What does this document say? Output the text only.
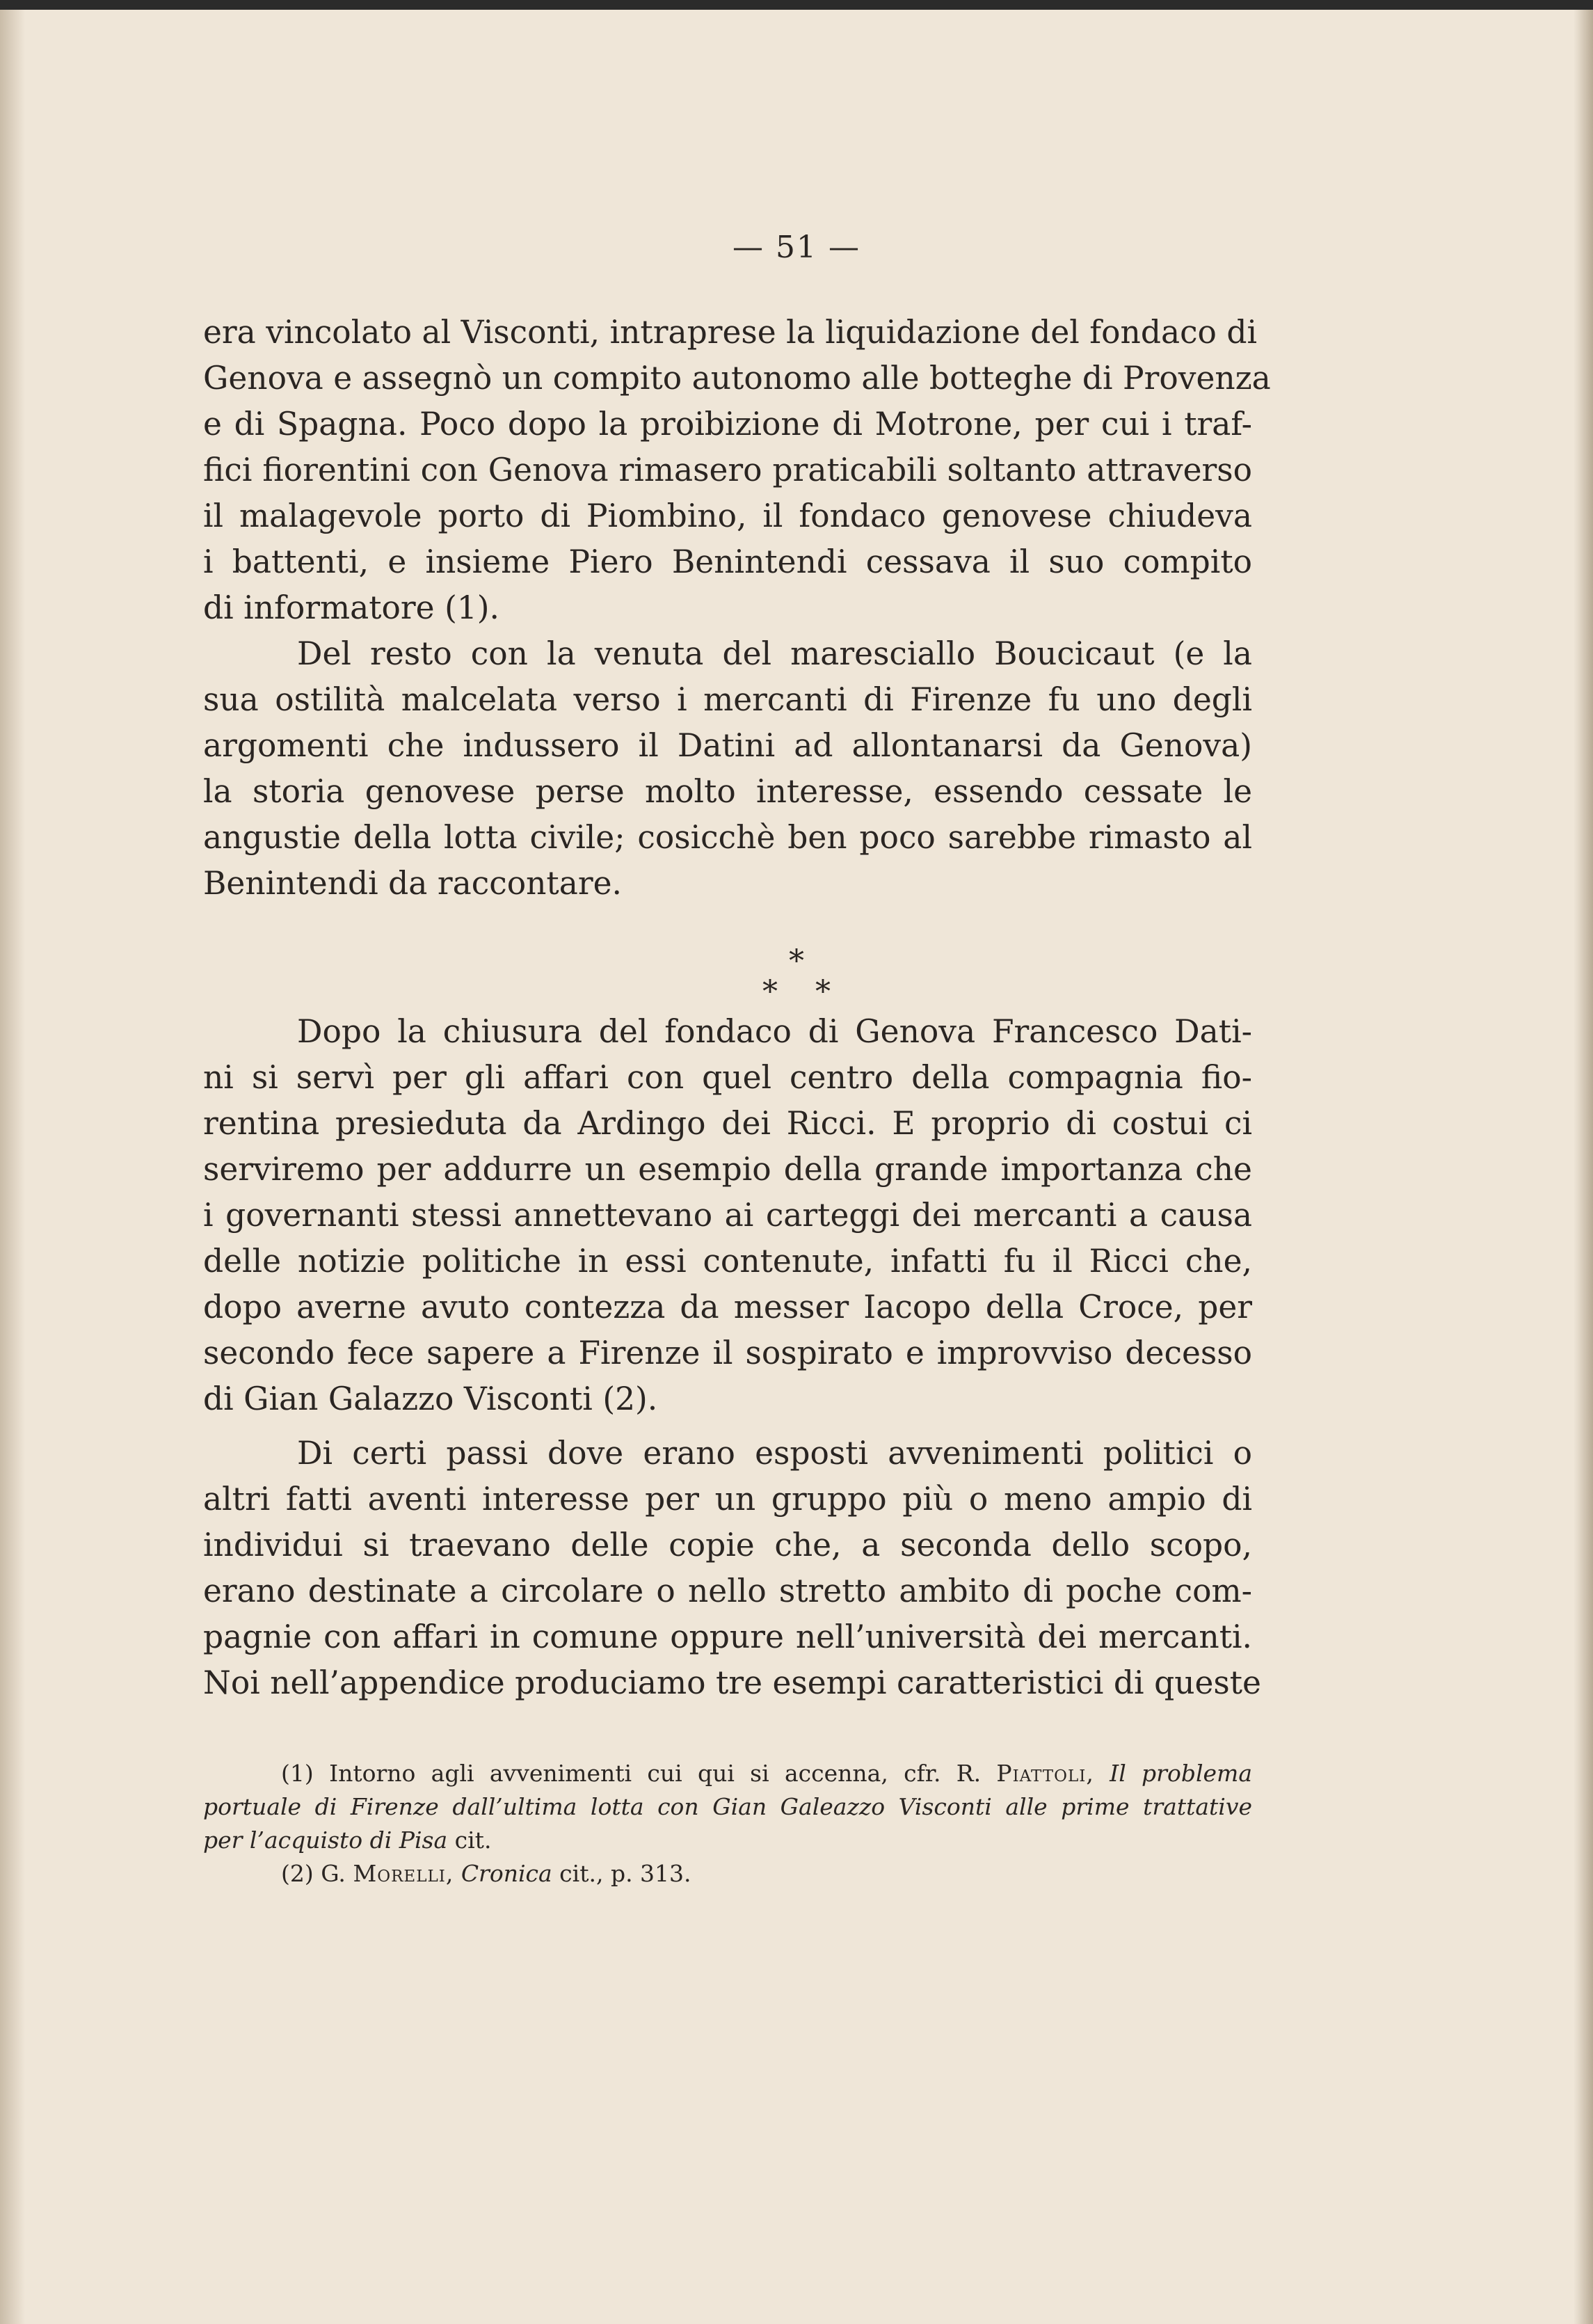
— 51 —
era vincolato al Visconti, intraprese la liquidazione del fondaco di
Genova e assegnò un compito autonomo alle botteghe di Provenza
e di Spagna. Poco dopo la proibizione di Motrone, per cui i traf-
fici fiorentini con Genova rimasero praticabili soltanto attraverso
il malagevole porto di Piombino, il fondaco genovese chiudeva
i battenti, e insieme Piero Benintendi cessava il suo compito
di informatore (1).
Del resto con la venuta del maresciallo Boucicaut (e la
sua ostilità malcelata verso i mercanti di Firenze fu uno degli
argomenti che indussero il Datini ad allontanarsi da Genova)
la storia genovese perse molto interesse, essendo cessate le
angustie della lotta civile; cosicchè ben poco sarebbe rimasto al
Benintendi da raccontare.
*
* *
Dopo la chiusura del fondaco di Genova Francesco Dati-
ni si servì per gli affari con quel centro della compagnia fio-
rentina presieduta da Ardingo dei Ricci. E proprio di costui ci
serviremo per addurre un esempio della grande importanza che
i governanti stessi annettevano ai carteggi dei mercanti a causa
delle notizie politiche in essi contenute, infatti fu il Ricci che,
dopo averne avuto contezza da messer Iacopo della Croce, per
secondo fece sapere a Firenze il sospirato e improvviso decesso
di Gian Galazzo Visconti (2).
Di certi passi dove erano esposti avvenimenti politici o
altri fatti aventi interesse per un gruppo più o meno ampio di
individui si traevano delle copie che, a seconda dello scopo,
erano destinate a circolare o nello stretto ambito di poche com-
pagnie con affari in comune oppure nell’università dei mercanti.
Noi nell’appendice produciamo tre esempi caratteristici di queste
(1) Intorno agli avvenimenti cui qui si accenna, cfr. R. Piattoli, Il problema
portuale di Firenze dall’ultima lotta con Gian Galeazzo Visconti alle prime trattative
per l’acquisto di Pisa cit.
(2) G. Morelli, Cronica cit., p. 313.
